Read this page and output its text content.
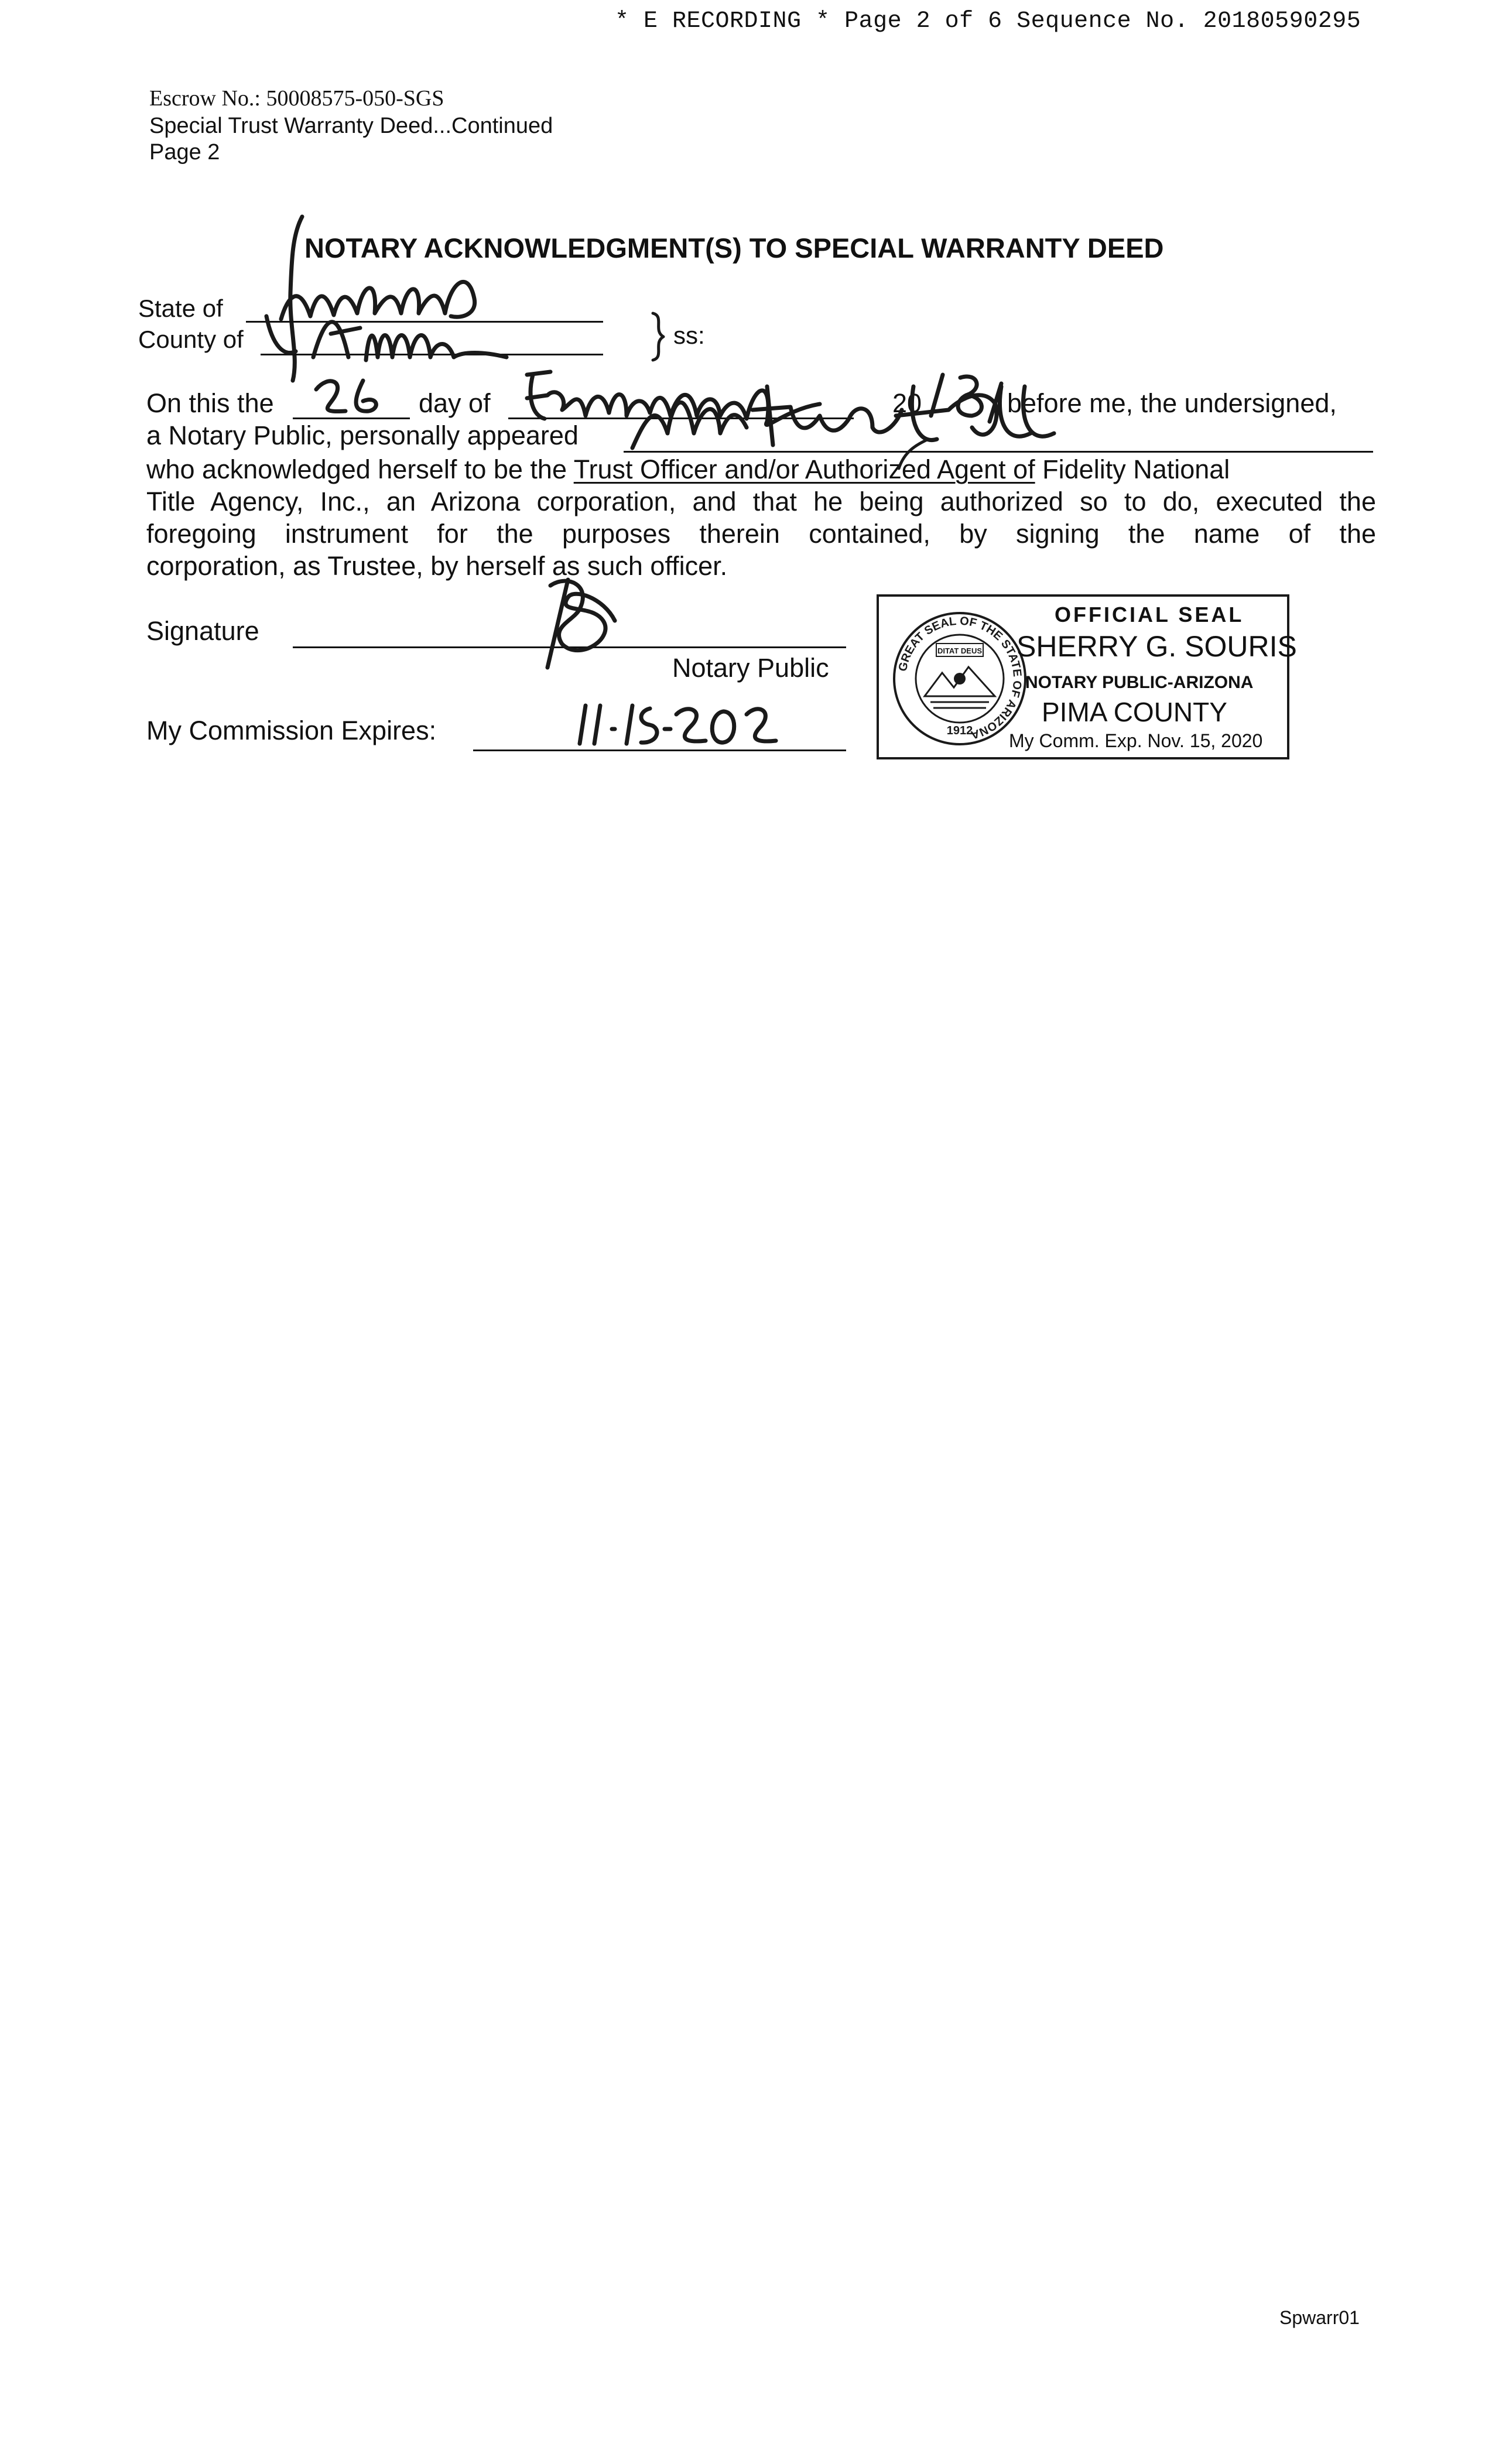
* E RECORDING * Page 2 of 6 Sequence No. 20180590295
Escrow No.: 50008575-050-SGS
Special Trust Warranty Deed...Continued
Page 2
NOTARY ACKNOWLEDGMENT(S) TO SPECIAL WARRANTY DEED
State of
County of	ss:
On this the	day of	20	before me, the undersigned,
a Notary Public, personally appeared
who acknowledged herself to be the Trust Officer and/or Authorized Agent of Fidelity National
Title Agency, Inc., an Arizona corporation, and that he being authorized so to do, executed the
foregoing instrument for the purposes therein contained, by signing the name of the
corporation, as Trustee, by herself as such officer.
Signature
Notary Public
My Commission Expires:
GREAT SEAL OF THE STATE OF ARIZONA
DITAT DEUS
1912
OFFICIAL SEAL
SHERRY G. SOURIS
NOTARY PUBLIC-ARIZONA
PIMA COUNTY
My Comm. Exp. Nov. 15, 2020
Spwarr01
